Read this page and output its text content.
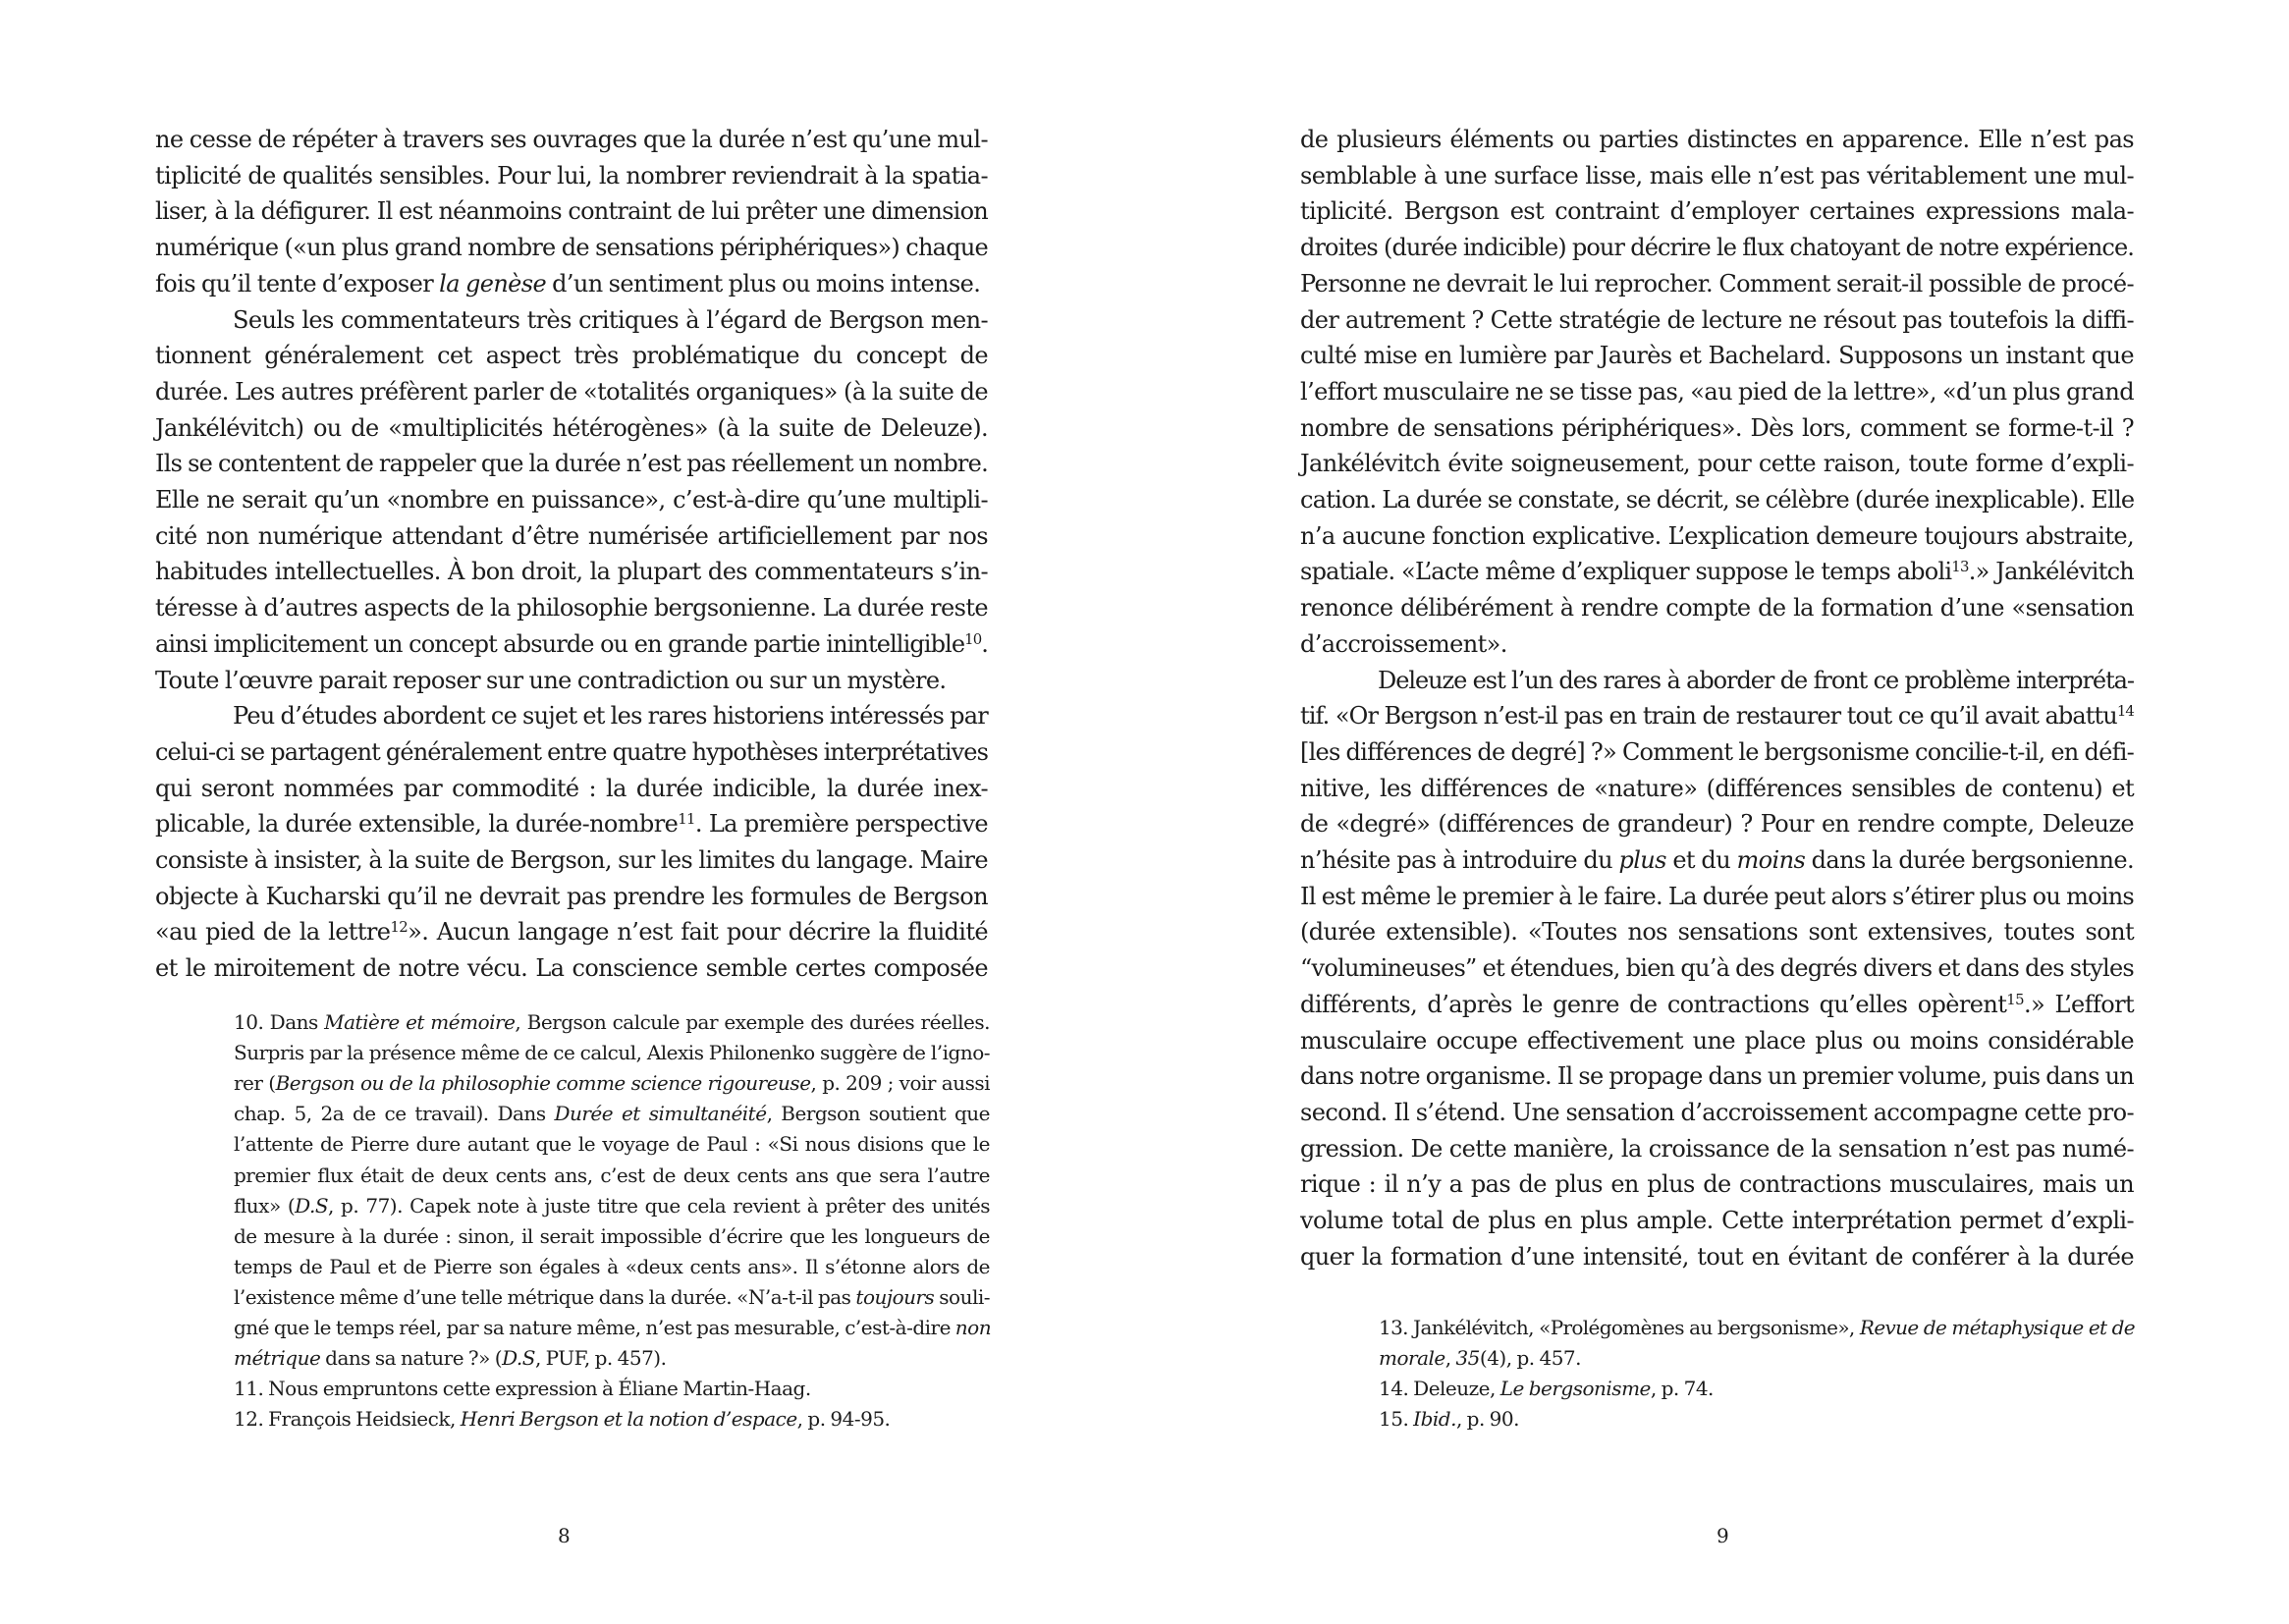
ne cesse de répéter à travers ses ouvrages que la durée n’est qu’une mul-
tiplicité de qualités sensibles. Pour lui, la nombrer reviendrait à la spatia-
liser, à la défigurer. Il est néanmoins contraint de lui prêter une dimension
numérique («un plus grand nombre de sensations périphériques») chaque
fois qu’il tente d’exposer la genèse d’un sentiment plus ou moins intense.
Seuls les commentateurs très critiques à l’égard de Bergson men-
tionnent généralement cet aspect très problématique du concept de
durée. Les autres préfèrent parler de «totalités organiques» (à la suite de
Jankélévitch) ou de «multiplicités hétérogènes» (à la suite de Deleuze).
Ils se contentent de rappeler que la durée n’est pas réellement un nombre.
Elle ne serait qu’un «nombre en puissance», c’est-à-dire qu’une multipli-
cité non numérique attendant d’être numérisée artificiellement par nos
habitudes intellectuelles. À bon droit, la plupart des commentateurs s’in-
téresse à d’autres aspects de la philosophie bergsonienne. La durée reste
ainsi implicitement un concept absurde ou en grande partie inintelligible$^{10}$.
Toute l’œuvre parait reposer sur une contradiction ou sur un mystère.
Peu d’études abordent ce sujet et les rares historiens intéressés par
celui-ci se partagent généralement entre quatre hypothèses interprétatives
qui seront nommées par commodité : la durée indicible, la durée inex-
plicable, la durée extensible, la durée-nombre$^{11}$. La première perspective
consiste à insister, à la suite de Bergson, sur les limites du langage. Maire
objecte à Kucharski qu’il ne devrait pas prendre les formules de Bergson
«au pied de la lettre$^{12}$». Aucun langage n’est fait pour décrire la fluidité
et le miroitement de notre vécu. La conscience semble certes composée
10. Dans Matière et mémoire, Bergson calcule par exemple des durées réelles.
Surpris par la présence même de ce calcul, Alexis Philonenko suggère de l’igno-
rer (Bergson ou de la philosophie comme science rigoureuse, p. 209 ; voir aussi
chap. 5, 2a de ce travail). Dans Durée et simultanéité, Bergson soutient que
l’attente de Pierre dure autant que le voyage de Paul : «Si nous disions que le
premier flux était de deux cents ans, c’est de deux cents ans que sera l’autre
flux» (D.S, p. 77). Capek note à juste titre que cela revient à prêter des unités
de mesure à la durée : sinon, il serait impossible d’écrire que les longueurs de
temps de Paul et de Pierre son égales à «deux cents ans». Il s’étonne alors de
l’existence même d’une telle métrique dans la durée. «N’a-t-il pas toujours souli-
gné que le temps réel, par sa nature même, n’est pas mesurable, c’est-à-dire non
métrique dans sa nature ?» (D.S, PUF, p. 457).
11. Nous empruntons cette expression à Éliane Martin-Haag.
12. François Heidsieck, Henri Bergson et la notion d’espace, p. 94-95.
8
de plusieurs éléments ou parties distinctes en apparence. Elle n’est pas
semblable à une surface lisse, mais elle n’est pas véritablement une mul-
tiplicité. Bergson est contraint d’employer certaines expressions mala-
droites (durée indicible) pour décrire le flux chatoyant de notre expérience.
Personne ne devrait le lui reprocher. Comment serait-il possible de procé-
der autrement ? Cette stratégie de lecture ne résout pas toutefois la diffi-
culté mise en lumière par Jaurès et Bachelard. Supposons un instant que
l’effort musculaire ne se tisse pas, «au pied de la lettre», «d’un plus grand
nombre de sensations périphériques». Dès lors, comment se forme-t-il ?
Jankélévitch évite soigneusement, pour cette raison, toute forme d’expli-
cation. La durée se constate, se décrit, se célèbre (durée inexplicable). Elle
n’a aucune fonction explicative. L’explication demeure toujours abstraite,
spatiale. «L’acte même d’expliquer suppose le temps aboli$^{13}$.» Jankélévitch
renonce délibérément à rendre compte de la formation d’une «sensation
d’accroissement».
Deleuze est l’un des rares à aborder de front ce problème interpréta-
tif. «Or Bergson n’est-il pas en train de restaurer tout ce qu’il avait abattu$^{14}$
[les différences de degré] ?» Comment le bergsonisme concilie-t-il, en défi-
nitive, les différences de «nature» (différences sensibles de contenu) et
de «degré» (différences de grandeur) ? Pour en rendre compte, Deleuze
n’hésite pas à introduire du plus et du moins dans la durée bergsonienne.
Il est même le premier à le faire. La durée peut alors s’étirer plus ou moins
(durée extensible). «Toutes nos sensations sont extensives, toutes sont
“volumineuses” et étendues, bien qu’à des degrés divers et dans des styles
différents, d’après le genre de contractions qu’elles opèrent$^{15}$.» L’effort
musculaire occupe effectivement une place plus ou moins considérable
dans notre organisme. Il se propage dans un premier volume, puis dans un
second. Il s’étend. Une sensation d’accroissement accompagne cette pro-
gression. De cette manière, la croissance de la sensation n’est pas numé-
rique : il n’y a pas de plus en plus de contractions musculaires, mais un
volume total de plus en plus ample. Cette interprétation permet d’expli-
quer la formation d’une intensité, tout en évitant de conférer à la durée
13. Jankélévitch, «Prolégomènes au bergsonisme», Revue de métaphysique et de
morale, 35(4), p. 457.
14. Deleuze, Le bergsonisme, p. 74.
15. Ibid., p. 90.
9
